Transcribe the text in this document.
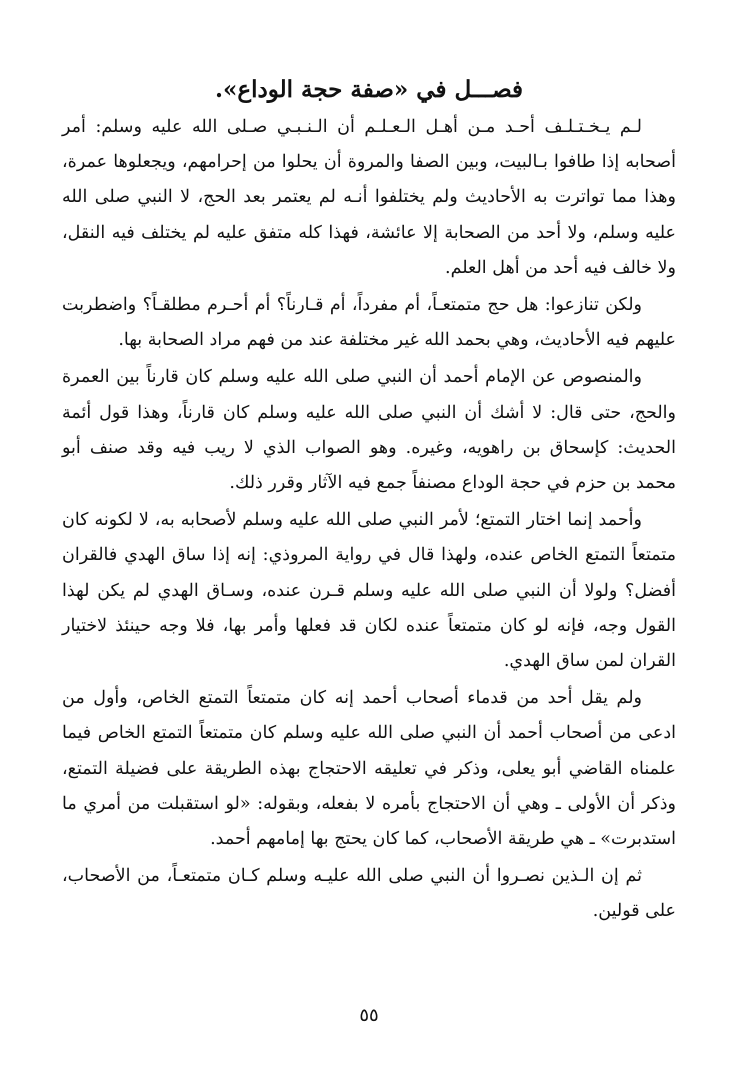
فصـــل في «صفة حجة الوداع».

لـم يـخـتـلـف أحـد مـن أهـل الـعـلـم أن الـنـبـي صـلى الله عليه وسلم: أمر أصحابه إذا طافوا بـالبيت، وبين الصفا والمروة أن يحلوا من إحرامهم، ويجعلوها عمرة، وهذا مما تواترت به الأحاديث ولم يختلفوا أنـه لم يعتمر بعد الحج، لا النبي صلى الله عليه وسلم، ولا أحد من الصحابة إلا عائشة، فهذا كله متفق عليه لم يختلف فيه النقل، ولا خالف فيه أحد من أهل العلم.

ولكن تنازعوا: هل حج متمتعـاً، أم مفرداً، أم قـارناً؟ أم أحـرم مطلقـاً؟ واضطربت عليهم فيه الأحاديث، وهي بحمد الله غير مختلفة عند من فهم مراد الصحابة بها.

والمنصوص عن الإمام أحمد أن النبي صلى الله عليه وسلم كان قارناً بين العمرة والحج، حتى قال: لا أشك أن النبي صلى الله عليه وسلم كان قارناً، وهذا قول أئمة الحديث: كإسحاق بن راهويه، وغيره. وهو الصواب الذي لا ريب فيه وقد صنف أبو محمد بن حزم في حجة الوداع مصنفاً جمع فيه الآثار وقرر ذلك.

وأحمد إنما اختار التمتع؛ لأمر النبي صلى الله عليه وسلم لأصحابه به، لا لكونه كان متمتعاً التمتع الخاص عنده، ولهذا قال في رواية المروذي: إنه إذا ساق الهدي فالقران أفضل؟ ولولا أن النبي صلى الله عليه وسلم قـرن عنده، وسـاق الهدي لم يكن لهذا القول وجه، فإنه لو كان متمتعاً عنده لكان قد فعلها وأمر بها، فلا وجه حينئذ لاختيار القران لمن ساق الهدي.

ولم يقل أحد من قدماء أصحاب أحمد إنه كان متمتعاً التمتع الخاص، وأول من ادعى من أصحاب أحمد أن النبي صلى الله عليه وسلم كان متمتعاً التمتع الخاص فيما علمناه القاضي أبو يعلى، وذكر في تعليقه الاحتجاج بهذه الطريقة على فضيلة التمتع، وذكر أن الأولى ـ وهي أن الاحتجاج بأمره لا بفعله، وبقوله: «لو استقبلت من أمري ما استدبرت» ـ هي طريقة الأصحاب، كما كان يحتج بها إمامهم أحمد.

ثم إن الـذين نصـروا أن النبي صلى الله عليـه وسلم كـان متمتعـاً، من الأصحاب، على قولين.

٥٥
